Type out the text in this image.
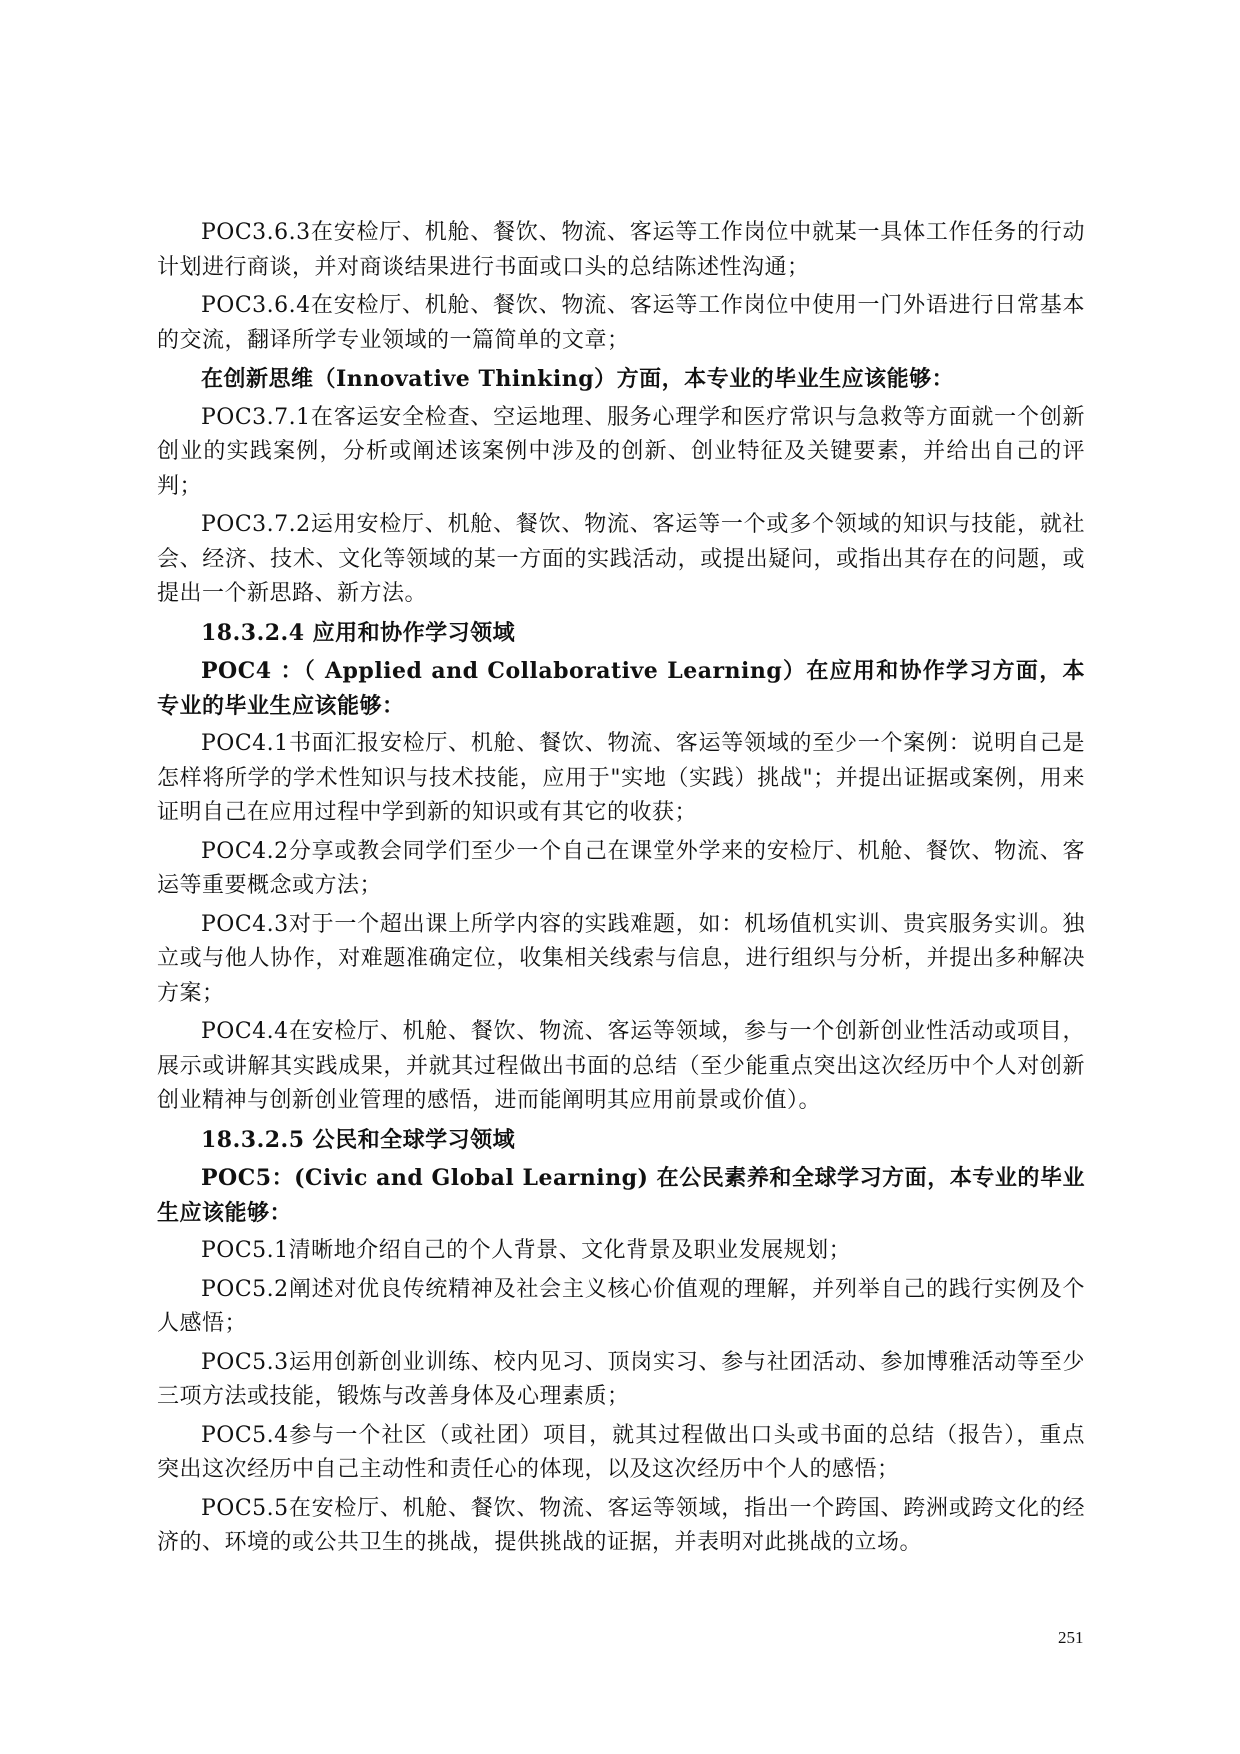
POC3.6.3在安检厅、机舱、餐饮、物流、客运等工作岗位中就某一具体工作任务的行动计划进行商谈，并对商谈结果进行书面或口头的总结陈述性沟通；

POC3.6.4在安检厅、机舱、餐饮、物流、客运等工作岗位中使用一门外语进行日常基本的交流，翻译所学专业领域的一篇简单的文章；

在创新思维（Innovative Thinking）方面，本专业的毕业生应该能够：

POC3.7.1在客运安全检查、空运地理、服务心理学和医疗常识与急救等方面就一个创新创业的实践案例，分析或阐述该案例中涉及的创新、创业特征及关键要素，并给出自己的评判；

POC3.7.2运用安检厅、机舱、餐饮、物流、客运等一个或多个领域的知识与技能，就社会、经济、技术、文化等领域的某一方面的实践活动，或提出疑问，或指出其存在的问题，或提出一个新思路、新方法。

18.3.2.4 应用和协作学习领域

POC4 ：（ Applied and Collaborative Learning）在应用和协作学习方面，本专业的毕业生应该能够：

POC4.1书面汇报安检厅、机舱、餐饮、物流、客运等领域的至少一个案例：说明自己是怎样将所学的学术性知识与技术技能，应用于"实地（实践）挑战"；并提出证据或案例，用来证明自己在应用过程中学到新的知识或有其它的收获；

POC4.2分享或教会同学们至少一个自己在课堂外学来的安检厅、机舱、餐饮、物流、客运等重要概念或方法；

POC4.3对于一个超出课上所学内容的实践难题，如：机场值机实训、贵宾服务实训。独立或与他人协作，对难题准确定位，收集相关线索与信息，进行组织与分析，并提出多种解决方案；

POC4.4在安检厅、机舱、餐饮、物流、客运等领域，参与一个创新创业性活动或项目，展示或讲解其实践成果，并就其过程做出书面的总结（至少能重点突出这次经历中个人对创新创业精神与创新创业管理的感悟，进而能阐明其应用前景或价值）。

18.3.2.5 公民和全球学习领域

POC5：(Civic and Global Learning) 在公民素养和全球学习方面，本专业的毕业生应该能够：

POC5.1清晰地介绍自己的个人背景、文化背景及职业发展规划；

POC5.2阐述对优良传统精神及社会主义核心价值观的理解，并列举自己的践行实例及个人感悟；

POC5.3运用创新创业训练、校内见习、顶岗实习、参与社团活动、参加博雅活动等至少三项方法或技能，锻炼与改善身体及心理素质；

POC5.4参与一个社区（或社团）项目，就其过程做出口头或书面的总结（报告），重点突出这次经历中自己主动性和责任心的体现，以及这次经历中个人的感悟；

POC5.5在安检厅、机舱、餐饮、物流、客运等领域，指出一个跨国、跨洲或跨文化的经济的、环境的或公共卫生的挑战，提供挑战的证据，并表明对此挑战的立场。

251
